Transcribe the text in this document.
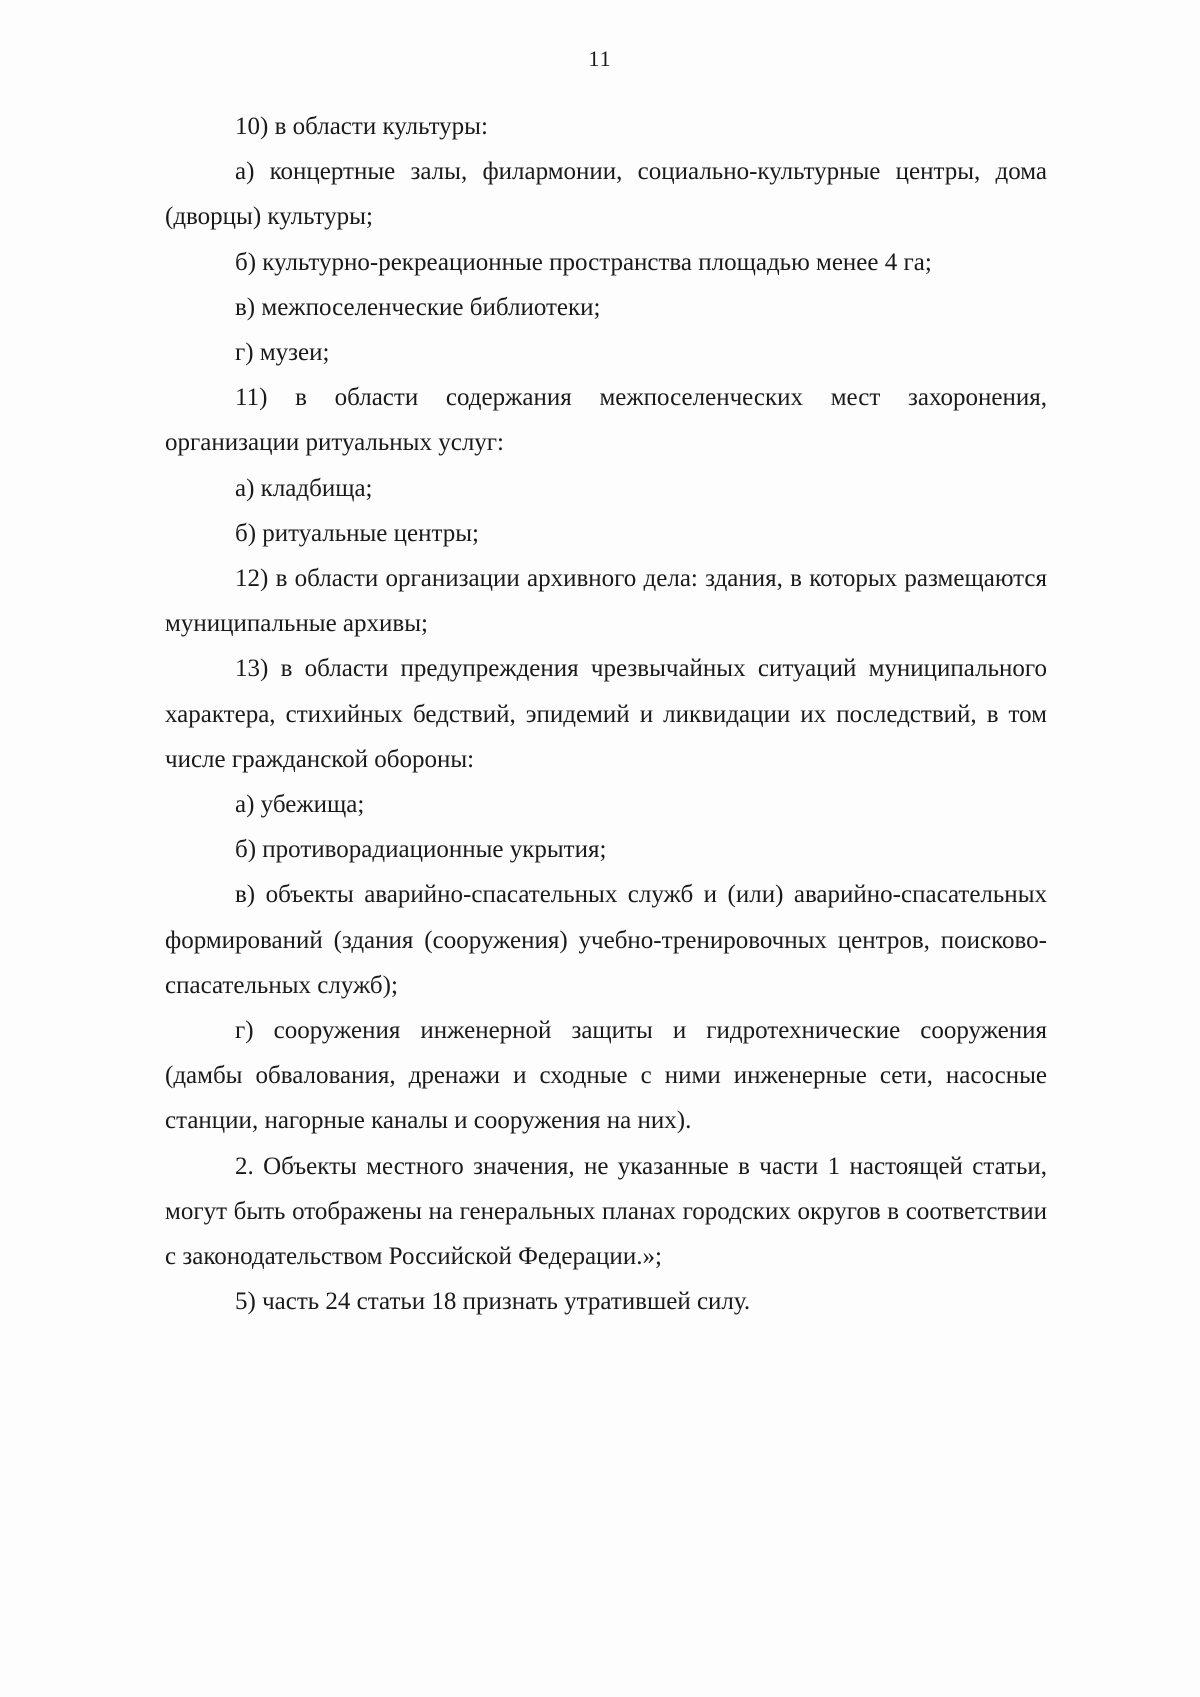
11

10) в области культуры:

а) концертные залы, филармонии, социально-культурные центры, дома (дворцы) культуры;

б) культурно-рекреационные пространства площадью менее 4 га;

в) межпоселенческие библиотеки;

г) музеи;

11) в области содержания межпоселенческих мест захоронения, организации ритуальных услуг:

а) кладбища;

б) ритуальные центры;

12) в области организации архивного дела: здания, в которых размещаются муниципальные архивы;

13) в области предупреждения чрезвычайных ситуаций муниципального характера, стихийных бедствий, эпидемий и ликвидации их последствий, в том числе гражданской обороны:

а) убежища;

б) противорадиационные укрытия;

в) объекты аварийно-спасательных служб и (или) аварийно-спасательных формирований (здания (сооружения) учебно-тренировочных центров, поисково-спасательных служб);

г) сооружения инженерной защиты и гидротехнические сооружения (дамбы обвалования, дренажи и сходные с ними инженерные сети, насосные станции, нагорные каналы и сооружения на них).

2. Объекты местного значения, не указанные в части 1 настоящей статьи, могут быть отображены на генеральных планах городских округов в соответствии с законодательством Российской Федерации.»;

5) часть 24 статьи 18 признать утратившей силу.
